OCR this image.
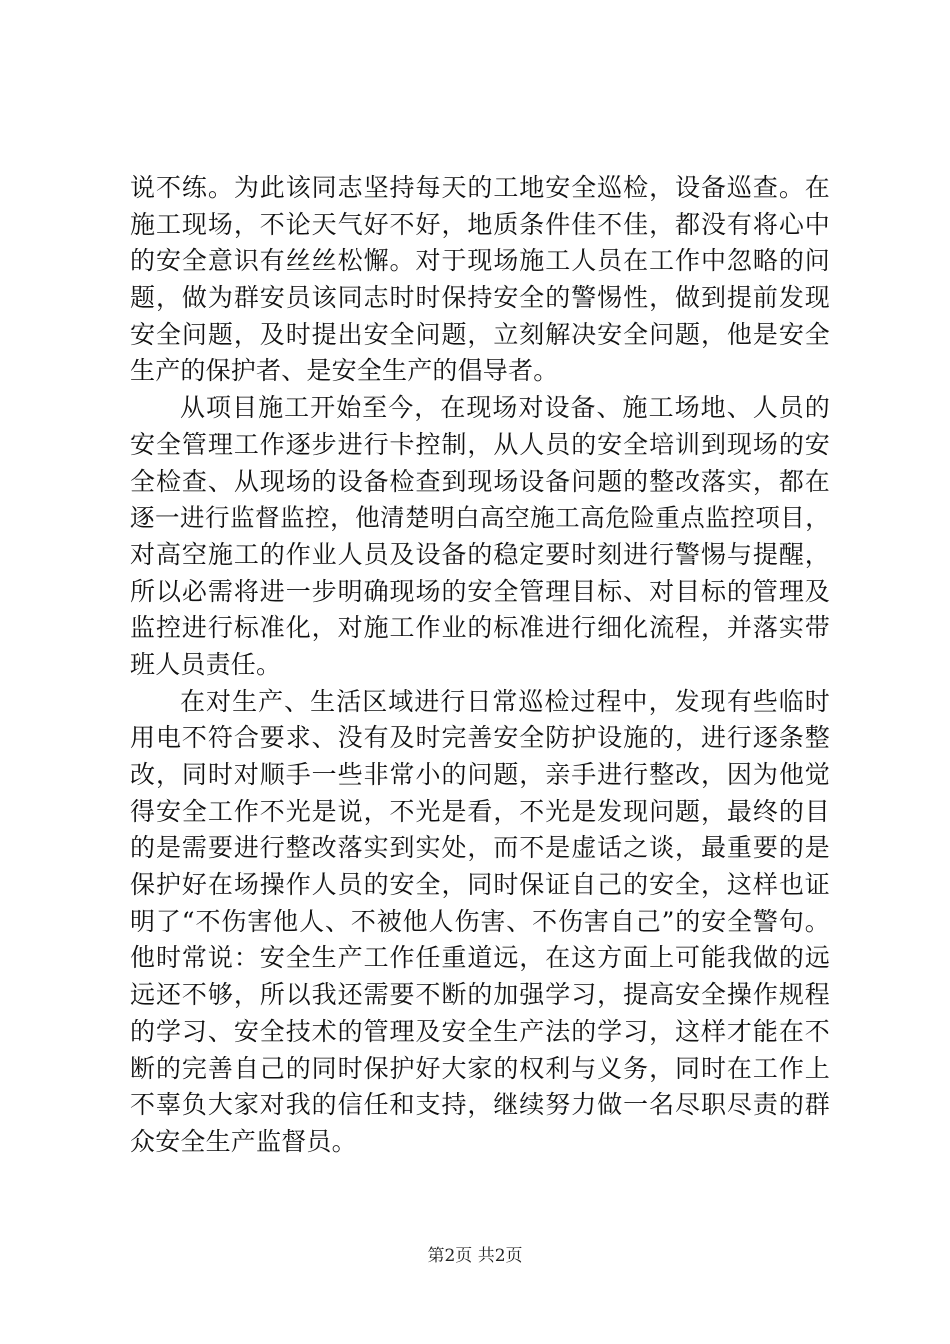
说不练。为此该同志坚持每天的工地安全巡检，设备巡查。在
施工现场，不论天气好不好，地质条件佳不佳，都没有将心中
的安全意识有丝丝松懈。对于现场施工人员在工作中忽略的问
题，做为群安员该同志时时保持安全的警惕性，做到提前发现
安全问题，及时提出安全问题，立刻解决安全问题，他是安全
生产的保护者、是安全生产的倡导者。
从项目施工开始至今，在现场对设备、施工场地、人员的
安全管理工作逐步进行卡控制，从人员的安全培训到现场的安
全检查、从现场的设备检查到现场设备问题的整改落实，都在
逐一进行监督监控，他清楚明白高空施工高危险重点监控项目，
对高空施工的作业人员及设备的稳定要时刻进行警惕与提醒，
所以必需将进一步明确现场的安全管理目标、对目标的管理及
监控进行标准化，对施工作业的标准进行细化流程，并落实带
班人员责任。
在对生产、生活区域进行日常巡检过程中，发现有些临时
用电不符合要求、没有及时完善安全防护设施的，进行逐条整
改，同时对顺手一些非常小的问题，亲手进行整改，因为他觉
得安全工作不光是说，不光是看，不光是发现问题，最终的目
的是需要进行整改落实到实处，而不是虚话之谈，最重要的是
保护好在场操作人员的安全，同时保证自己的安全，这样也证
明了“不伤害他人、不被他人伤害、不伤害自己”的安全警句。
他时常说：安全生产工作任重道远，在这方面上可能我做的远
远还不够，所以我还需要不断的加强学习，提高安全操作规程
的学习、安全技术的管理及安全生产法的学习，这样才能在不
断的完善自己的同时保护好大家的权利与义务，同时在工作上
不辜负大家对我的信任和支持，继续努力做一名尽职尽责的群
众安全生产监督员。
第2页 共2页
